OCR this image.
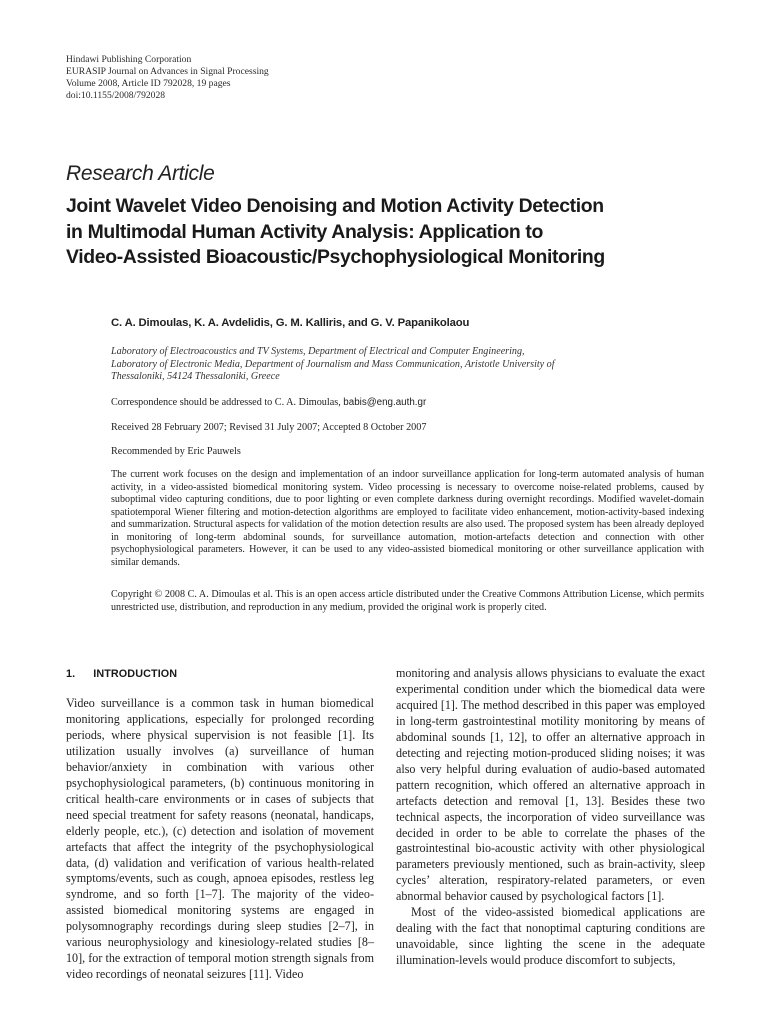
Hindawi Publishing Corporation
EURASIP Journal on Advances in Signal Processing
Volume 2008, Article ID 792028, 19 pages
doi:10.1155/2008/792028
Research Article
Joint Wavelet Video Denoising and Motion Activity Detection
in Multimodal Human Activity Analysis: Application to
Video-Assisted Bioacoustic/Psychophysiological Monitoring
C. A. Dimoulas, K. A. Avdelidis, G. M. Kalliris, and G. V. Papanikolaou
Laboratory of Electroacoustics and TV Systems, Department of Electrical and Computer Engineering,
Laboratory of Electronic Media, Department of Journalism and Mass Communication, Aristotle University of
Thessaloniki, 54124 Thessaloniki, Greece
Correspondence should be addressed to C. A. Dimoulas, babis@eng.auth.gr
Received 28 February 2007; Revised 31 July 2007; Accepted 8 October 2007
Recommended by Eric Pauwels
The current work focuses on the design and implementation of an indoor surveillance application for long-term automated analysis of human activity, in a video-assisted biomedical monitoring system. Video processing is necessary to overcome noise-related problems, caused by suboptimal video capturing conditions, due to poor lighting or even complete darkness during overnight recordings. Modified wavelet-domain spatiotemporal Wiener filtering and motion-detection algorithms are employed to facilitate video enhancement, motion-activity-based indexing and summarization. Structural aspects for validation of the motion detection results are also used. The proposed system has been already deployed in monitoring of long-term abdominal sounds, for surveillance automation, motion-artefacts detection and connection with other psychophysiological parameters. However, it can be used to any video-assisted biomedical monitoring or other surveillance application with similar demands.
Copyright © 2008 C. A. Dimoulas et al. This is an open access article distributed under the Creative Commons Attribution License, which permits unrestricted use, distribution, and reproduction in any medium, provided the original work is properly cited.
1. INTRODUCTION

Video surveillance is a common task in human biomedical monitoring applications, especially for prolonged recording periods, where physical supervision is not feasible [1]. Its utilization usually involves (a) surveillance of human behavior/anxiety in combination with various other psychophysiological parameters, (b) continuous monitoring in critical health-care environments or in cases of subjects that need special treatment for safety reasons (neonatal, handicaps, elderly people, etc.), (c) detection and isolation of movement artefacts that affect the integrity of the psychophysiological data, (d) validation and verification of various health-related symptoms/events, such as cough, apnoea episodes, restless leg syndrome, and so forth [1–7]. The majority of the video-assisted biomedical monitoring systems are engaged in polysomnography recordings during sleep studies [2–7], in various neurophysiology and kinesiology-related studies [8–10], for the extraction of temporal motion strength signals from video recordings of neonatal seizures [11]. Video

monitoring and analysis allows physicians to evaluate the exact experimental condition under which the biomedical data were acquired [1]. The method described in this paper was employed in long-term gastrointestinal motility monitoring by means of abdominal sounds [1, 12], to offer an alternative approach in detecting and rejecting motion-produced sliding noises; it was also very helpful during evaluation of audio-based automated pattern recognition, which offered an alternative approach in artefacts detection and removal [1, 13]. Besides these two technical aspects, the incorporation of video surveillance was decided in order to be able to correlate the phases of the gastrointestinal bio-acoustic activity with other physiological parameters previously mentioned, such as brain-activity, sleep cycles’ alteration, respiratory-related parameters, or even abnormal behavior caused by psychological factors [1].

Most of the video-assisted biomedical applications are dealing with the fact that nonoptimal capturing conditions are unavoidable, since lighting the scene in the adequate illumination-levels would produce discomfort to subjects,
